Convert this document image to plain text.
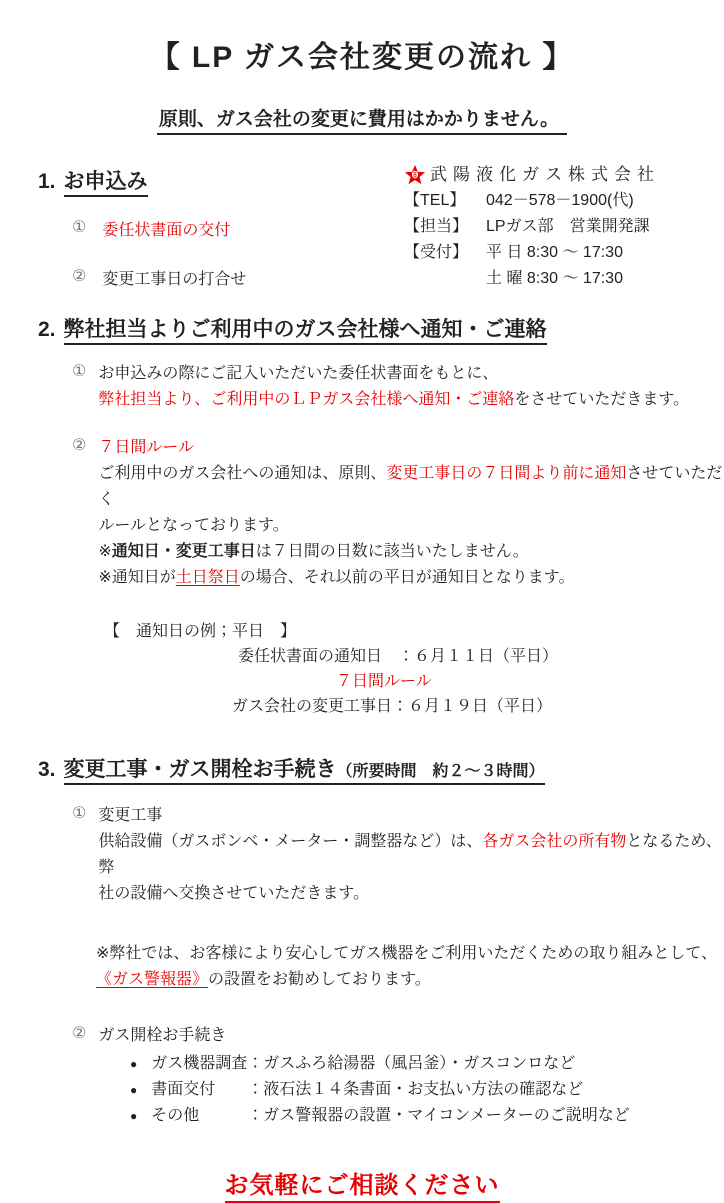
【 LP ガス会社変更の流れ 】
原則、ガス会社の変更に費用はかかりません。
1. お申込み
① 委任状書面の交付
② 変更工事日の打合せ
武陽液化ガス株式会社
【TEL】 042－578－1900(代)
【担当】 LPガス部　営業開発課
【受付】 平 日 8:30 ～ 17:30
土 曜 8:30 ～ 17:30
2. 弊社担当よりご利用中のガス会社様へ通知・ご連絡
① お申込みの際にご記入いただいた委任状書面をもとに、
弊社担当より、ご利用中のＬＰガス会社様へ通知・ご連絡をさせていただきます。
② ７日間ルール
ご利用中のガス会社への通知は、原則、変更工事日の７日間より前に通知させていただく
ルールとなっております。
※通知日・変更工事日は７日間の日数に該当いたしません。
※通知日が土日祭日の場合、それ以前の平日が通知日となります。
【　通知日の例；平日　】
委任状書面の通知日　：６月１１日（平日）
７日間ルール
ガス会社の変更工事日：６月１９日（平日）
3. 変更工事・ガス開栓お手続き（所要時間　約２～３時間）
① 変更工事
供給設備（ガスボンベ・メーター・調整器など）は、各ガス会社の所有物となるため、弊
社の設備へ交換させていただきます。
※弊社では、お客様により安心してガス機器をご利用いただくための取り組みとして、
《ガス警報器》の設置をお勧めしております。
② ガス開栓お手続き
● ガス機器調査：ガスふろ給湯器（風呂釜）・ガスコンロなど
● 書面交付　　：液石法１４条書面・お支払い方法の確認など
● その他　　　：ガス警報器の設置・マイコンメーターのご説明など
お気軽にご相談ください
